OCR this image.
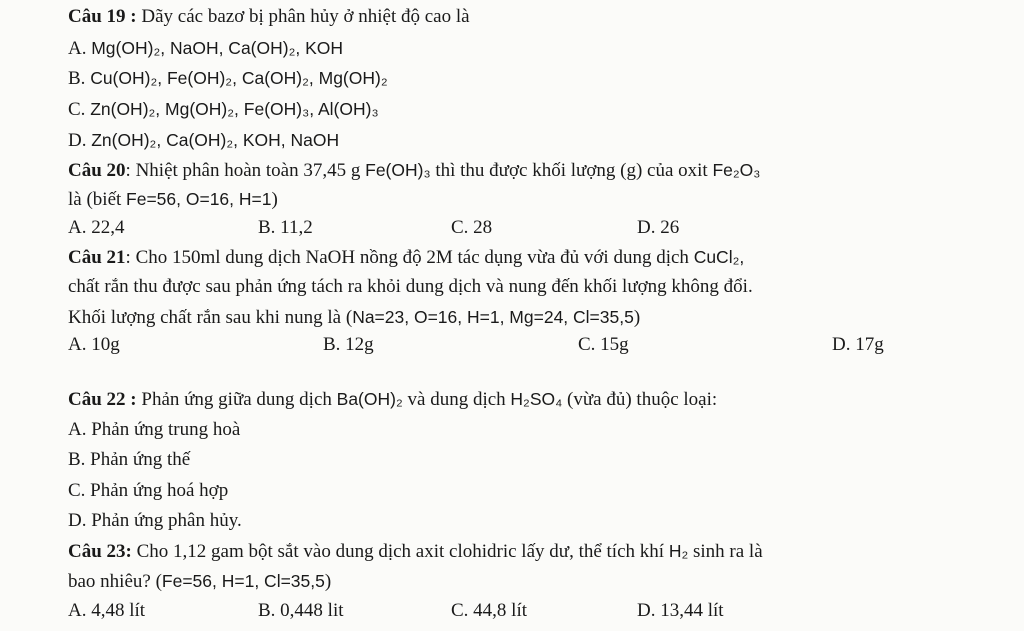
Câu 19 : Dãy các bazơ bị phân hủy ở nhiệt độ cao là
A. Mg(OH)₂, NaOH, Ca(OH)₂, KOH
B. Cu(OH)₂, Fe(OH)₂, Ca(OH)₂, Mg(OH)₂
C. Zn(OH)₂, Mg(OH)₂, Fe(OH)₃, Al(OH)₃
D. Zn(OH)₂, Ca(OH)₂, KOH, NaOH
Câu 20: Nhiệt phân hoàn toàn 37,45 g Fe(OH)₃ thì thu được khối lượng (g) của oxit Fe₂O₃
là (biết Fe=56, O=16, H=1)
A. 22,4	B. 11,2	C. 28	D. 26
Câu 21: Cho 150ml dung dịch NaOH nồng độ 2M tác dụng vừa đủ với dung dịch CuCl₂,
chất rắn thu được sau phản ứng tách ra khỏi dung dịch và nung đến khối lượng không đổi.
Khối lượng chất rắn sau khi nung là (Na=23, O=16, H=1, Mg=24, Cl=35,5)
A. 10g	B. 12g	C. 15g	D. 17g
Câu 22 : Phản ứng giữa dung dịch Ba(OH)₂ và dung dịch H₂SO₄ (vừa đủ) thuộc loại:
A. Phản ứng trung hoà
B. Phản ứng thế
C. Phản ứng hoá hợp
D. Phản ứng phân hủy.
Câu 23: Cho 1,12 gam bột sắt vào dung dịch axit clohidric lấy dư, thể tích khí H₂ sinh ra là
bao nhiêu? (Fe=56, H=1, Cl=35,5)
A. 4,48 lít	B. 0,448 lit	C. 44,8 lít	D. 13,44 lít
